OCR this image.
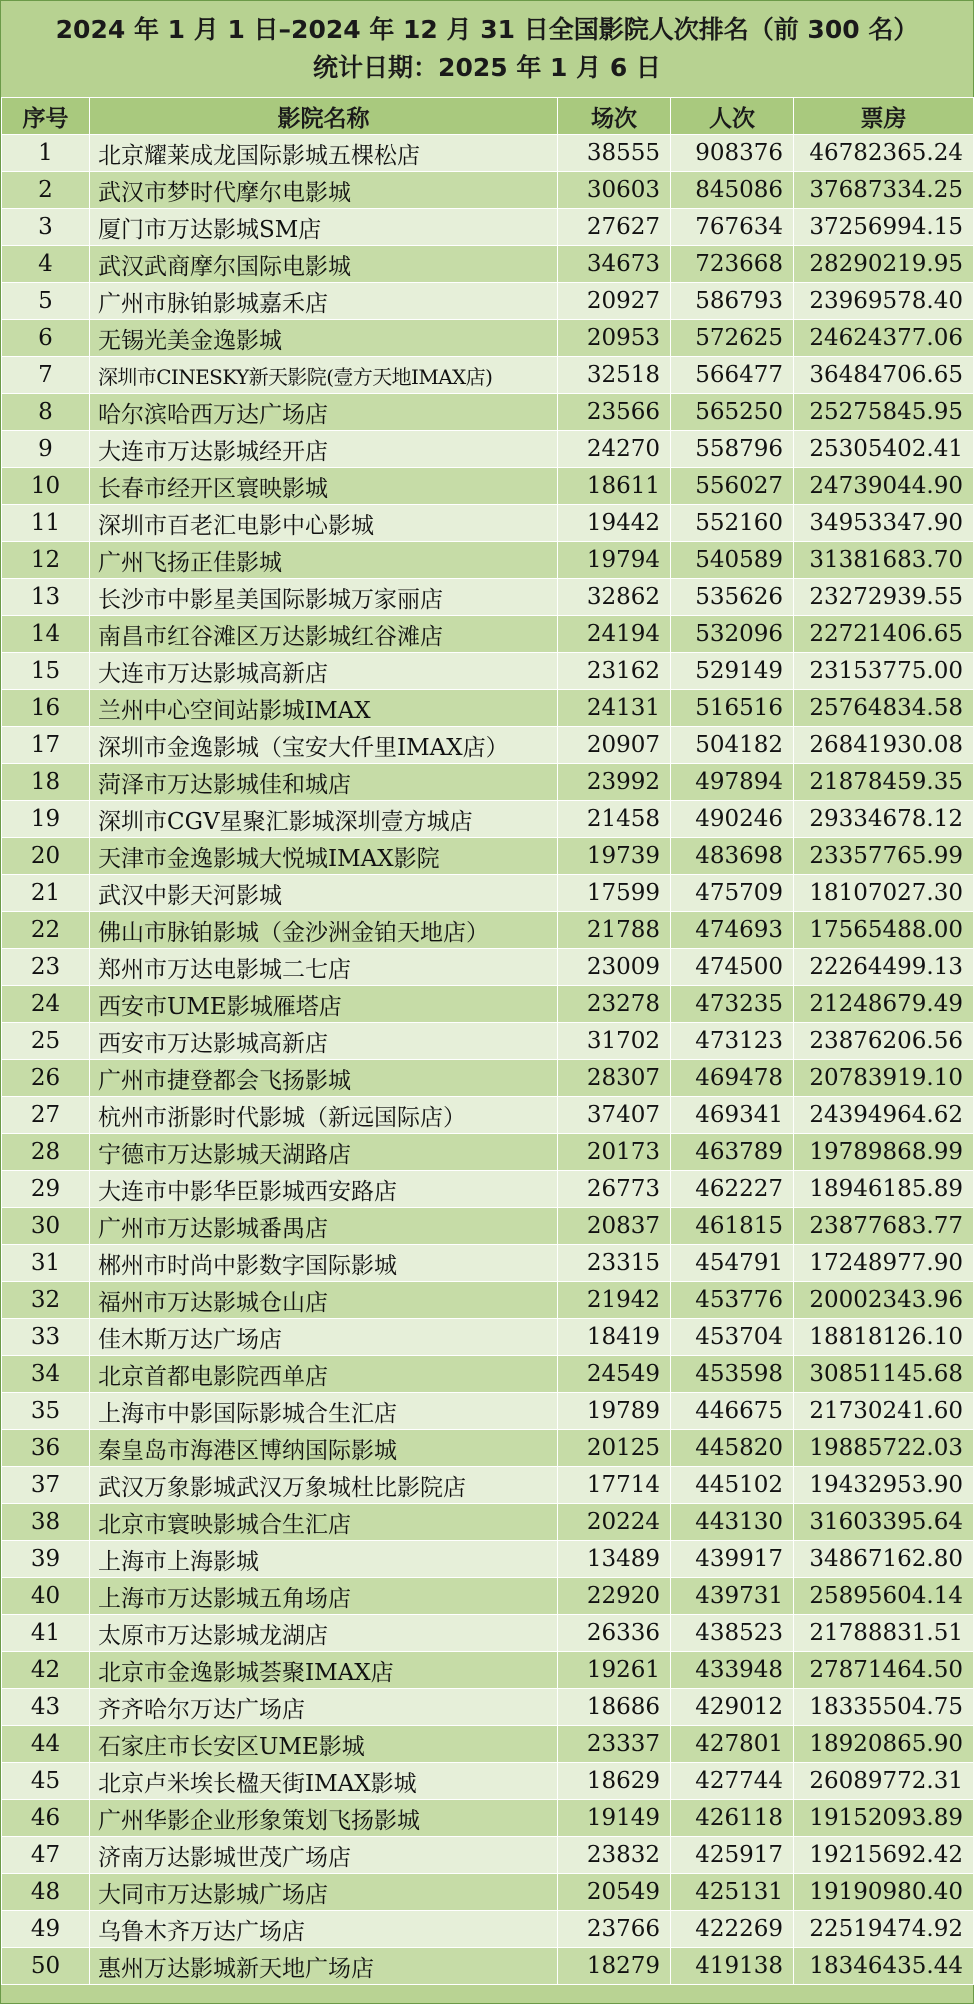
2024 年 1 月 1 日–2024 年 12 月 31 日全国影院人次排名（前 300 名）
统计日期：2025 年 1 月 6 日
序号	影院名称	场次	人次	票房
1	北京耀莱成龙国际影城五棵松店	38555	908376	46782365.24
2	武汉市梦时代摩尔电影城	30603	845086	37687334.25
3	厦门市万达影城SM店	27627	767634	37256994.15
4	武汉武商摩尔国际电影城	34673	723668	28290219.95
5	广州市脉铂影城嘉禾店	20927	586793	23969578.40
6	无锡光美金逸影城	20953	572625	24624377.06
7	深圳市CINESKY新天影院(壹方天地IMAX店)	32518	566477	36484706.65
8	哈尔滨哈西万达广场店	23566	565250	25275845.95
9	大连市万达影城经开店	24270	558796	25305402.41
10	长春市经开区寰映影城	18611	556027	24739044.90
11	深圳市百老汇电影中心影城	19442	552160	34953347.90
12	广州飞扬正佳影城	19794	540589	31381683.70
13	长沙市中影星美国际影城万家丽店	32862	535626	23272939.55
14	南昌市红谷滩区万达影城红谷滩店	24194	532096	22721406.65
15	大连市万达影城高新店	23162	529149	23153775.00
16	兰州中心空间站影城IMAX	24131	516516	25764834.58
17	深圳市金逸影城（宝安大仟里IMAX店）	20907	504182	26841930.08
18	菏泽市万达影城佳和城店	23992	497894	21878459.35
19	深圳市CGV星聚汇影城深圳壹方城店	21458	490246	29334678.12
20	天津市金逸影城大悦城IMAX影院	19739	483698	23357765.99
21	武汉中影天河影城	17599	475709	18107027.30
22	佛山市脉铂影城（金沙洲金铂天地店）	21788	474693	17565488.00
23	郑州市万达电影城二七店	23009	474500	22264499.13
24	西安市UME影城雁塔店	23278	473235	21248679.49
25	西安市万达影城高新店	31702	473123	23876206.56
26	广州市捷登都会飞扬影城	28307	469478	20783919.10
27	杭州市浙影时代影城（新远国际店）	37407	469341	24394964.62
28	宁德市万达影城天湖路店	20173	463789	19789868.99
29	大连市中影华臣影城西安路店	26773	462227	18946185.89
30	广州市万达影城番禺店	20837	461815	23877683.77
31	郴州市时尚中影数字国际影城	23315	454791	17248977.90
32	福州市万达影城仓山店	21942	453776	20002343.96
33	佳木斯万达广场店	18419	453704	18818126.10
34	北京首都电影院西单店	24549	453598	30851145.68
35	上海市中影国际影城合生汇店	19789	446675	21730241.60
36	秦皇岛市海港区博纳国际影城	20125	445820	19885722.03
37	武汉万象影城武汉万象城杜比影院店	17714	445102	19432953.90
38	北京市寰映影城合生汇店	20224	443130	31603395.64
39	上海市上海影城	13489	439917	34867162.80
40	上海市万达影城五角场店	22920	439731	25895604.14
41	太原市万达影城龙湖店	26336	438523	21788831.51
42	北京市金逸影城荟聚IMAX店	19261	433948	27871464.50
43	齐齐哈尔万达广场店	18686	429012	18335504.75
44	石家庄市长安区UME影城	23337	427801	18920865.90
45	北京卢米埃长楹天街IMAX影城	18629	427744	26089772.31
46	广州华影企业形象策划飞扬影城	19149	426118	19152093.89
47	济南万达影城世茂广场店	23832	425917	19215692.42
48	大同市万达影城广场店	20549	425131	19190980.40
49	乌鲁木齐万达广场店	23766	422269	22519474.92
50	惠州万达影城新天地广场店	18279	419138	18346435.44
